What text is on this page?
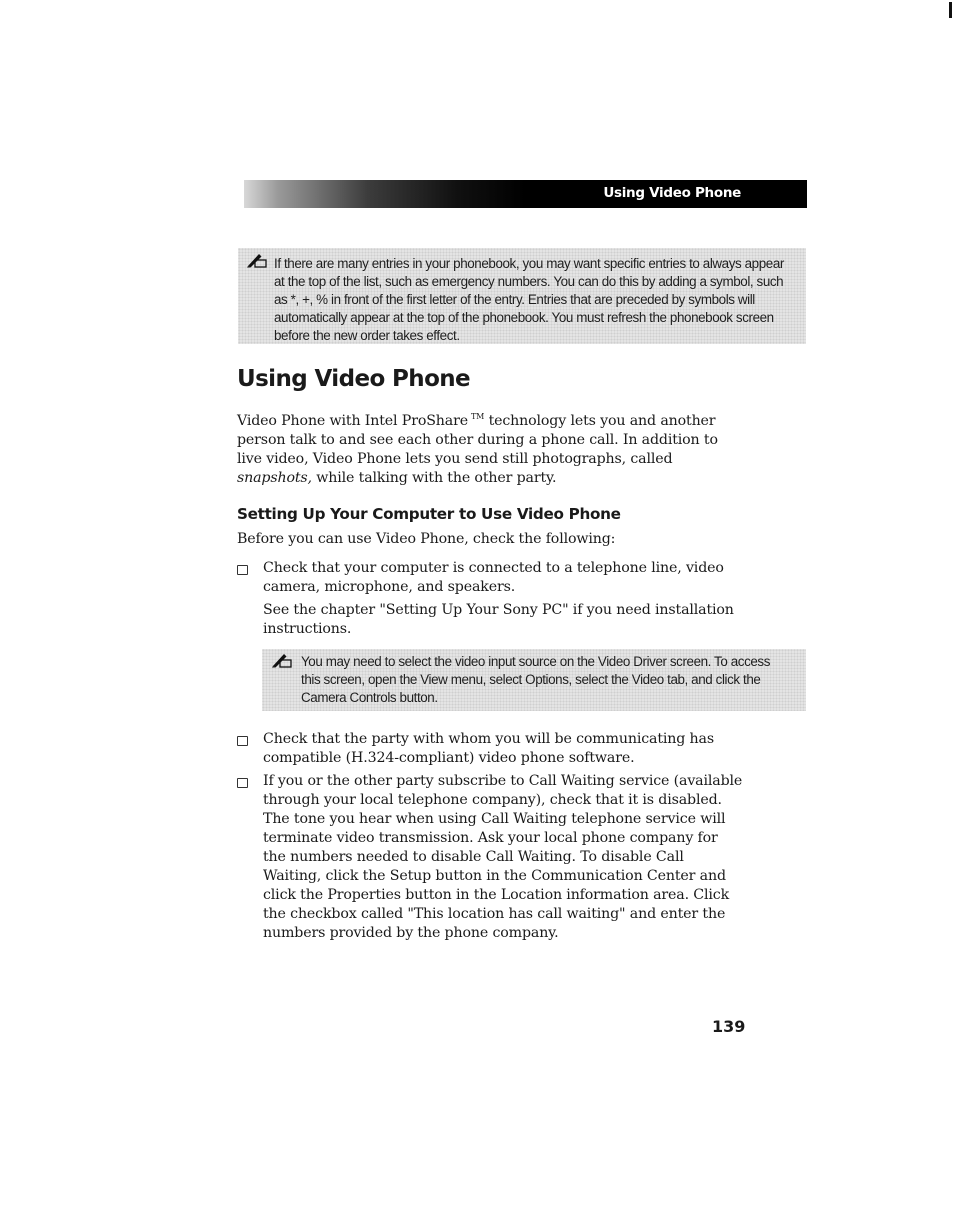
Using Video Phone

If there are many entries in your phonebook, you may want specific entries to always appear at the top of the list, such as emergency numbers. You can do this by adding a symbol, such as *, +, % in front of the first letter of the entry. Entries that are preceded by symbols will automatically appear at the top of the phonebook. You must refresh the phonebook screen before the new order takes effect.

Using Video Phone

Video Phone with Intel ProShare ™ technology lets you and another person talk to and see each other during a phone call. In addition to live video, Video Phone lets you send still photographs, called snapshots, while talking with the other party.

Setting Up Your Computer to Use Video Phone

Before you can use Video Phone, check the following:

Check that your computer is connected to a telephone line, video camera, microphone, and speakers.

See the chapter "Setting Up Your Sony PC" if you need installation instructions.

You may need to select the video input source on the Video Driver screen. To access this screen, open the View menu, select Options, select the Video tab, and click the Camera Controls button.

Check that the party with whom you will be communicating has compatible (H.324-compliant) video phone software.

If you or the other party subscribe to Call Waiting service (available through your local telephone company), check that it is disabled. The tone you hear when using Call Waiting telephone service will terminate video transmission. Ask your local phone company for the numbers needed to disable Call Waiting. To disable Call Waiting, click the Setup button in the Communication Center and click the Properties button in the Location information area. Click the checkbox called "This location has call waiting" and enter the numbers provided by the phone company.

139
